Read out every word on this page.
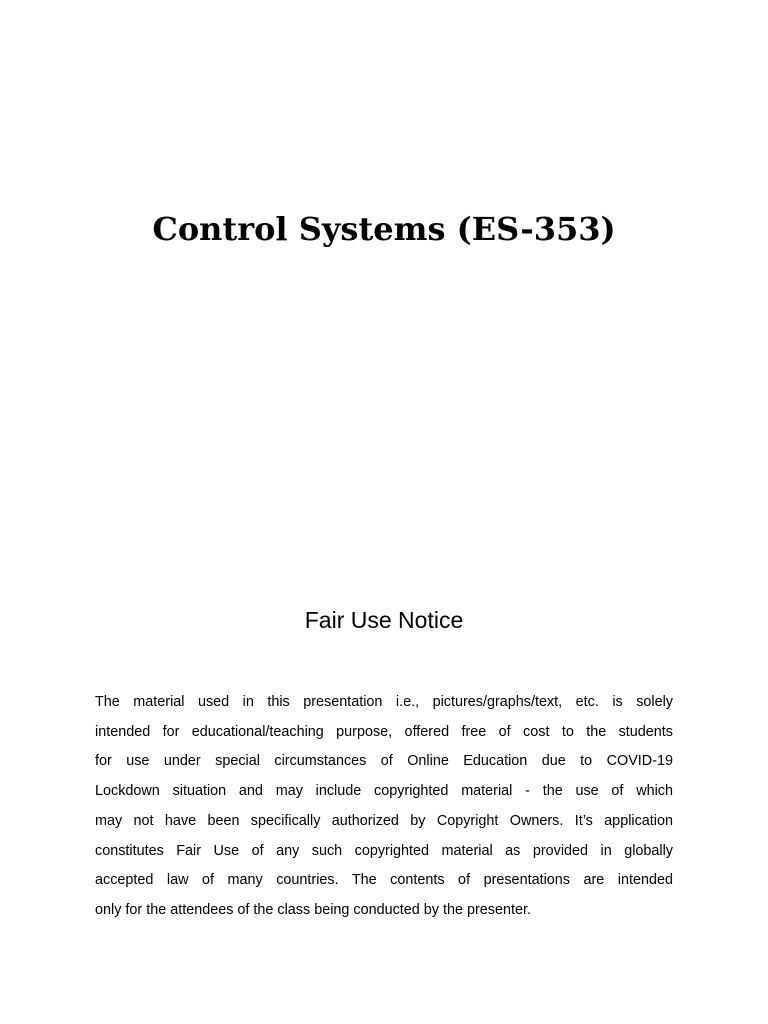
Control Systems (ES-353)
Fair Use Notice
The material used in this presentation i.e., pictures/graphs/text, etc. is solely
intended for educational/teaching purpose, offered free of cost to the students
for use under special circumstances of Online Education due to COVID-19
Lockdown situation and may include copyrighted material - the use of which
may not have been specifically authorized by Copyright Owners. It’s application
constitutes Fair Use of any such copyrighted material as provided in globally
accepted law of many countries. The contents of presentations are intended
only for the attendees of the class being conducted by the presenter.
